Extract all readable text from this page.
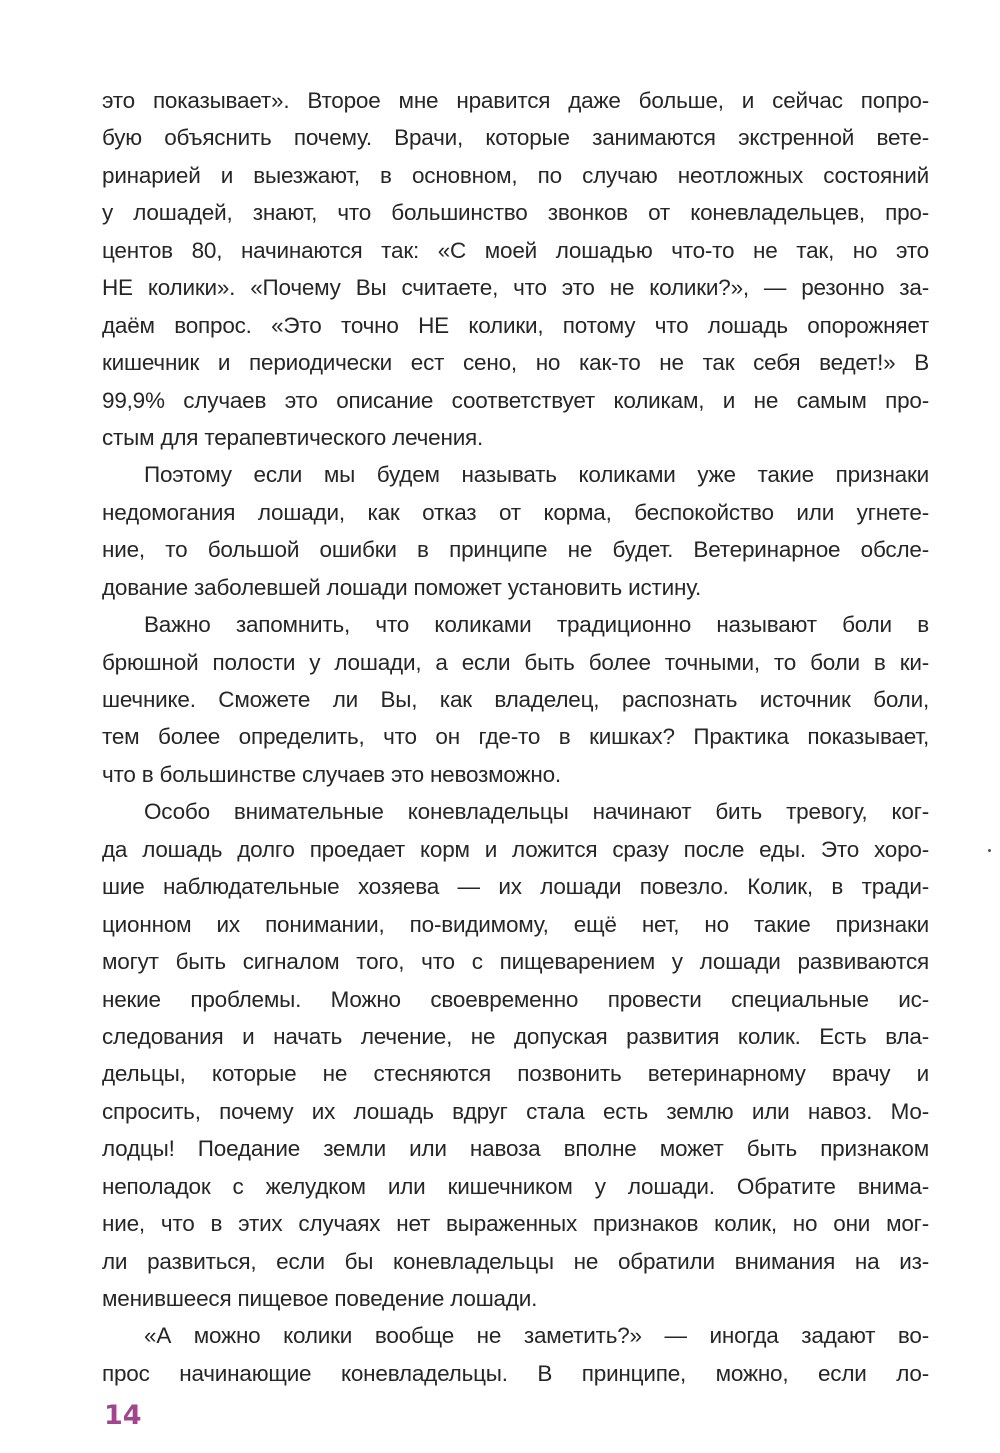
это показывает». Второе мне нравится даже больше, и сейчас попро-
бую объяснить почему. Врачи, которые занимаются экстренной вете-
ринарией и выезжают, в основном, по случаю неотложных состояний
у лошадей, знают, что большинство звонков от коневладельцев, про-
центов 80, начинаются так: «С моей лошадью что-то не так, но это
НЕ колики». «Почему Вы считаете, что это не колики?», — резонно за-
даём вопрос. «Это точно НЕ колики, потому что лошадь опорожняет
кишечник и периодически ест сено, но как-то не так себя ведет!» В
99,9% случаев это описание соответствует коликам, и не самым про-
стым для терапевтического лечения.
Поэтому если мы будем называть коликами уже такие признаки
недомогания лошади, как отказ от корма, беспокойство или угнете-
ние, то большой ошибки в принципе не будет. Ветеринарное обсле-
дование заболевшей лошади поможет установить истину.
Важно запомнить, что коликами традиционно называют боли в
брюшной полости у лошади, а если быть более точными, то боли в ки-
шечнике. Сможете ли Вы, как владелец, распознать источник боли,
тем более определить, что он где-то в кишках? Практика показывает,
что в большинстве случаев это невозможно.
Особо внимательные коневладельцы начинают бить тревогу, ког-
да лошадь долго проедает корм и ложится сразу после еды. Это хоро-
шие наблюдательные хозяева — их лошади повезло. Колик, в тради-
ционном их понимании, по-видимому, ещё нет, но такие признаки
могут быть сигналом того, что с пищеварением у лошади развиваются
некие проблемы. Можно своевременно провести специальные ис-
следования и начать лечение, не допуская развития колик. Есть вла-
дельцы, которые не стесняются позвонить ветеринарному врачу и
спросить, почему их лошадь вдруг стала есть землю или навоз. Мо-
лодцы! Поедание земли или навоза вполне может быть признаком
неполадок с желудком или кишечником у лошади. Обратите внима-
ние, что в этих случаях нет выраженных признаков колик, но они мог-
ли развиться, если бы коневладельцы не обратили внимания на из-
менившееся пищевое поведение лошади.
«А можно колики вообще не заметить?» — иногда задают во-
прос начинающие коневладельцы. В принципе, можно, если ло-
14
